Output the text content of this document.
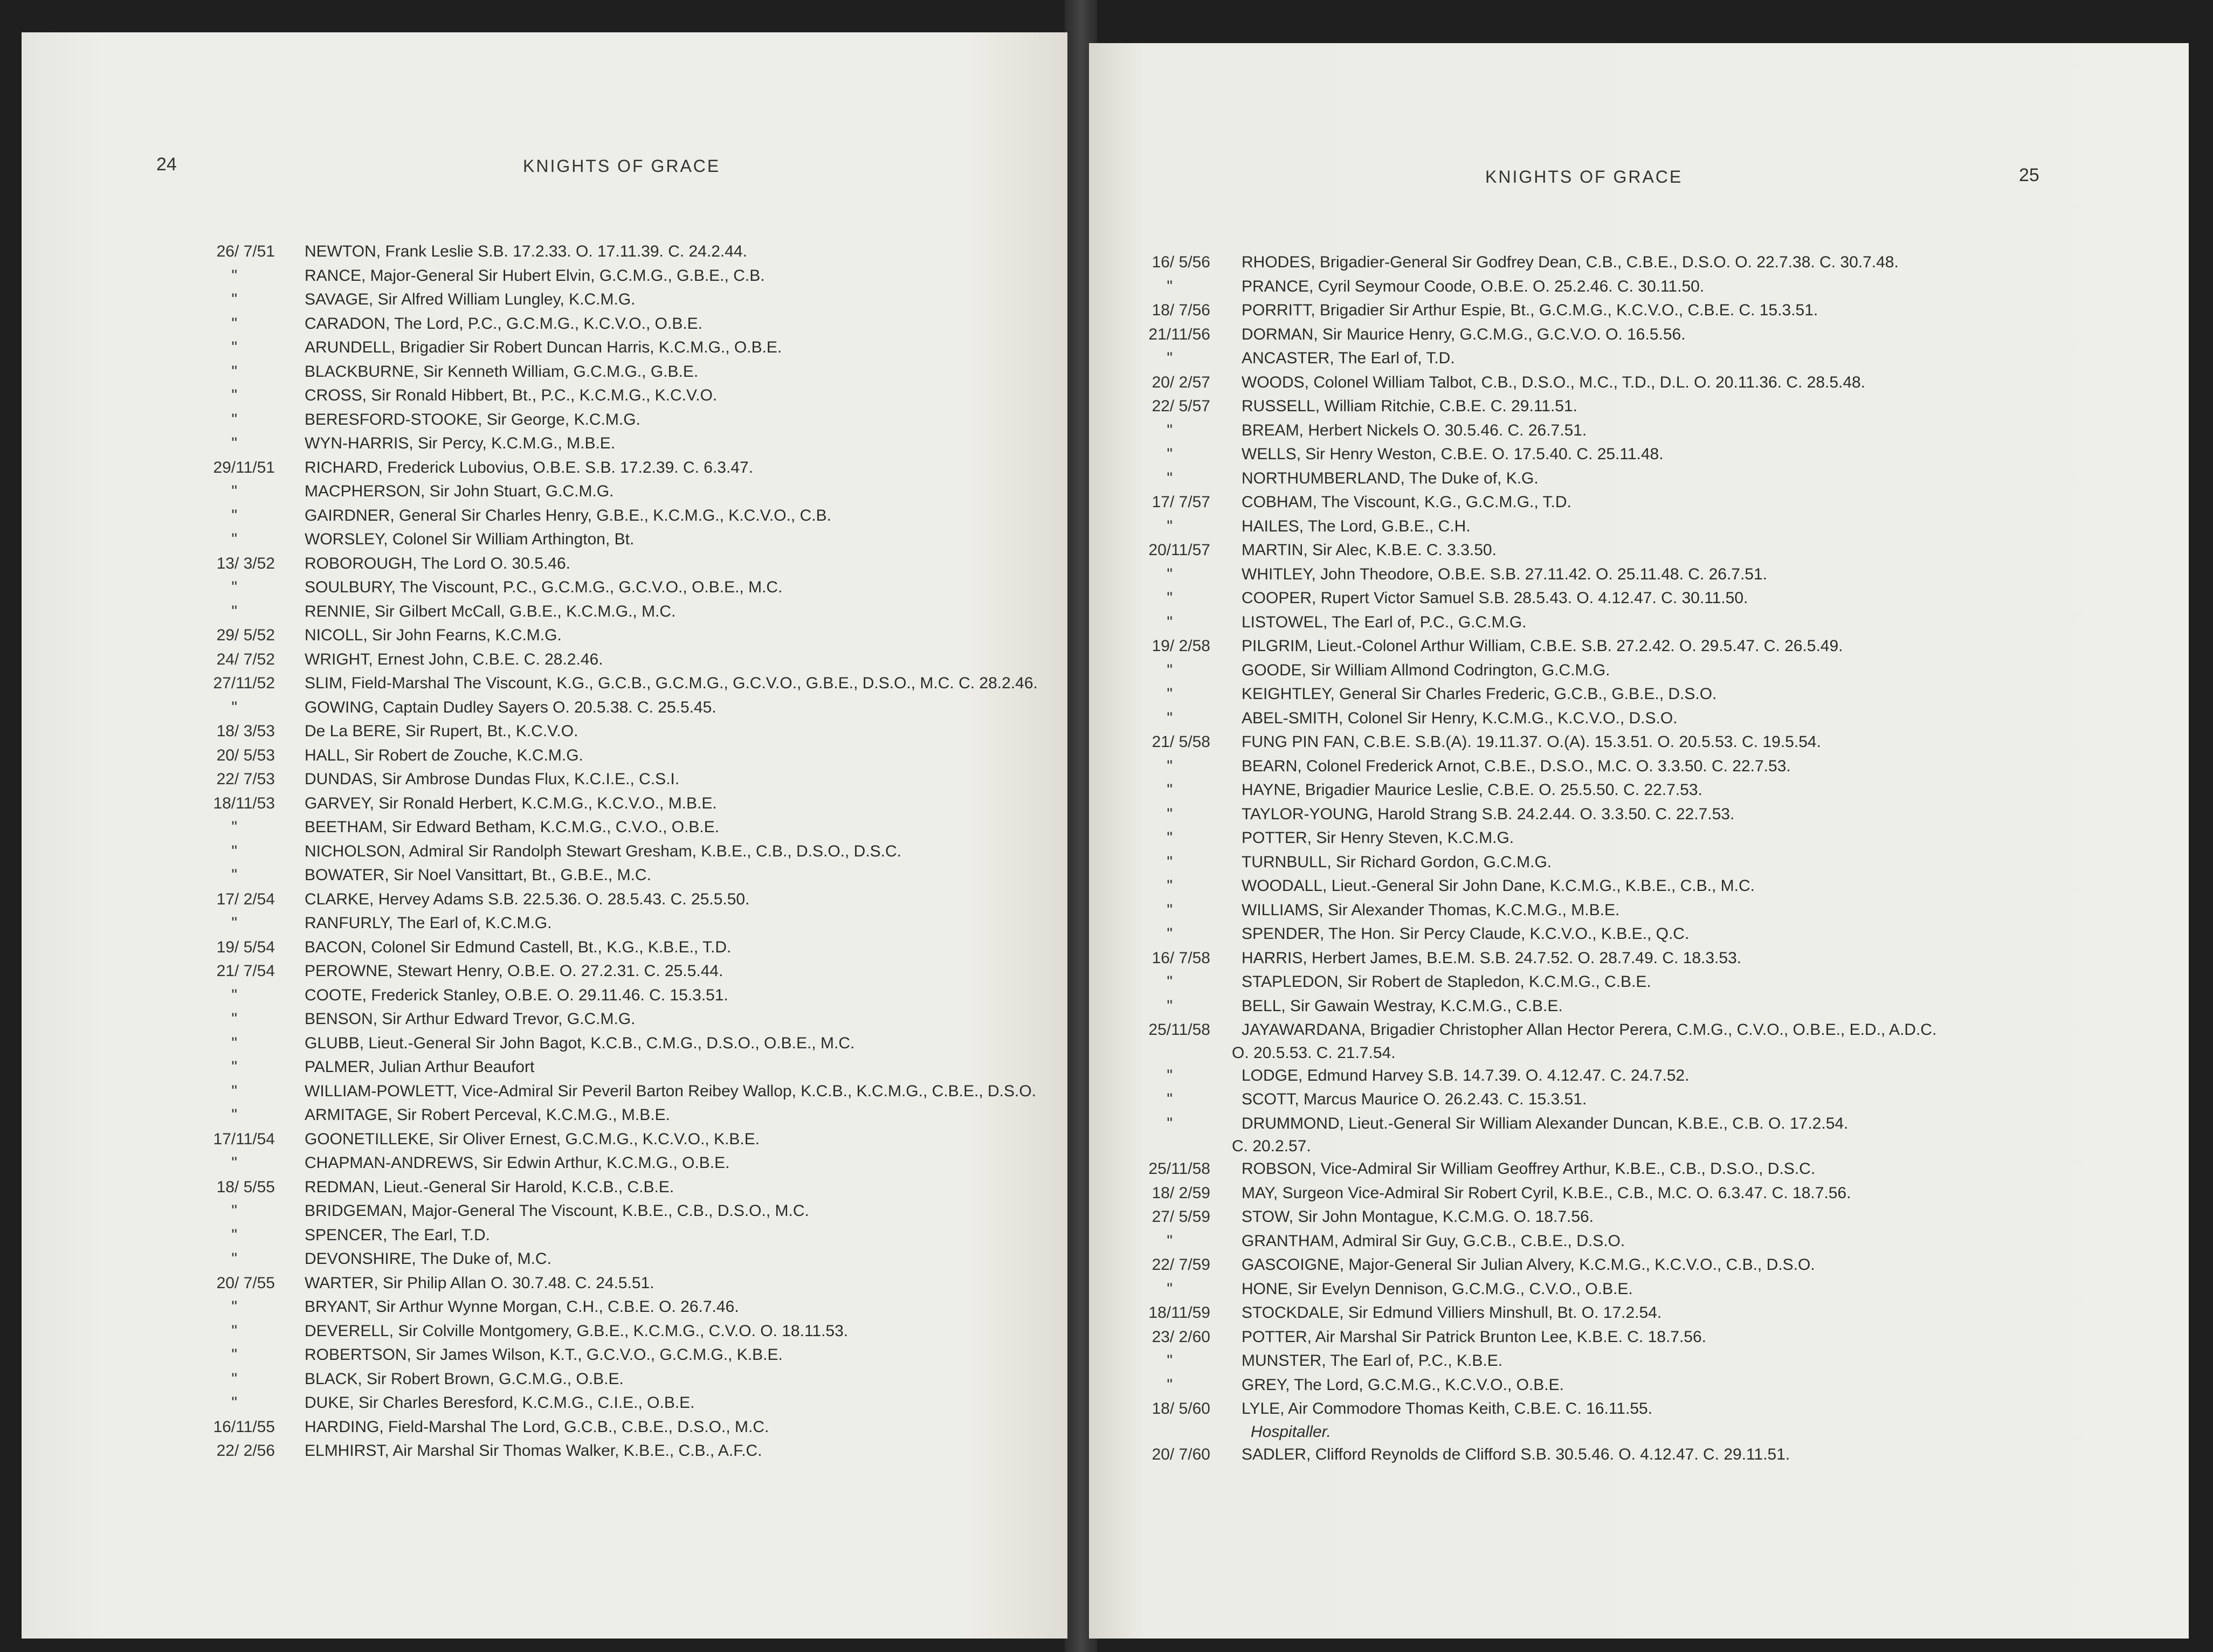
24	KNIGHTS OF GRACE
26/ 7/51 NEWTON, Frank Leslie S.B. 17.2.33. O. 17.11.39. C. 24.2.44.
"	RANCE, Major-General Sir Hubert Elvin, G.C.M.G., G.B.E., C.B.
"	SAVAGE, Sir Alfred William Lungley, K.C.M.G.
"	CARADON, The Lord, P.C., G.C.M.G., K.C.V.O., O.B.E.
"	ARUNDELL, Brigadier Sir Robert Duncan Harris, K.C.M.G., O.B.E.
"	BLACKBURNE, Sir Kenneth William, G.C.M.G., G.B.E.
"	CROSS, Sir Ronald Hibbert, Bt., P.C., K.C.M.G., K.C.V.O.
"	BERESFORD-STOOKE, Sir George, K.C.M.G.
"	WYN-HARRIS, Sir Percy, K.C.M.G., M.B.E.
29/11/51 RICHARD, Frederick Lubovius, O.B.E. S.B. 17.2.39. C. 6.3.47.
"	MACPHERSON, Sir John Stuart, G.C.M.G.
"	GAIRDNER, General Sir Charles Henry, G.B.E., K.C.M.G., K.C.V.O., C.B.
"	WORSLEY, Colonel Sir William Arthington, Bt.
13/ 3/52 ROBOROUGH, The Lord O. 30.5.46.
"	SOULBURY, The Viscount, P.C., G.C.M.G., G.C.V.O., O.B.E., M.C.
"	RENNIE, Sir Gilbert McCall, G.B.E., K.C.M.G., M.C.
29/ 5/52 NICOLL, Sir John Fearns, K.C.M.G.
24/ 7/52 WRIGHT, Ernest John, C.B.E. C. 28.2.46.
27/11/52 SLIM, Field-Marshal The Viscount, K.G., G.C.B., G.C.M.G., G.C.V.O., G.B.E., D.S.O., M.C. C. 28.2.46.
"	GOWING, Captain Dudley Sayers O. 20.5.38. C. 25.5.45.
18/ 3/53 De La BERE, Sir Rupert, Bt., K.C.V.O.
20/ 5/53 HALL, Sir Robert de Zouche, K.C.M.G.
22/ 7/53 DUNDAS, Sir Ambrose Dundas Flux, K.C.I.E., C.S.I.
18/11/53 GARVEY, Sir Ronald Herbert, K.C.M.G., K.C.V.O., M.B.E.
"	BEETHAM, Sir Edward Betham, K.C.M.G., C.V.O., O.B.E.
"	NICHOLSON, Admiral Sir Randolph Stewart Gresham, K.B.E., C.B., D.S.O., D.S.C.
"	BOWATER, Sir Noel Vansittart, Bt., G.B.E., M.C.
17/ 2/54 CLARKE, Hervey Adams S.B. 22.5.36. O. 28.5.43. C. 25.5.50.
"	RANFURLY, The Earl of, K.C.M.G.
19/ 5/54 BACON, Colonel Sir Edmund Castell, Bt., K.G., K.B.E., T.D.
21/ 7/54 PEROWNE, Stewart Henry, O.B.E. O. 27.2.31. C. 25.5.44.
"	COOTE, Frederick Stanley, O.B.E. O. 29.11.46. C. 15.3.51.
"	BENSON, Sir Arthur Edward Trevor, G.C.M.G.
"	GLUBB, Lieut.-General Sir John Bagot, K.C.B., C.M.G., D.S.O., O.B.E., M.C.
"	PALMER, Julian Arthur Beaufort
"	WILLIAM-POWLETT, Vice-Admiral Sir Peveril Barton Reibey Wallop, K.C.B., K.C.M.G., C.B.E., D.S.O.
"	ARMITAGE, Sir Robert Perceval, K.C.M.G., M.B.E.
17/11/54 GOONETILLEKE, Sir Oliver Ernest, G.C.M.G., K.C.V.O., K.B.E.
"	CHAPMAN-ANDREWS, Sir Edwin Arthur, K.C.M.G., O.B.E.
18/ 5/55 REDMAN, Lieut.-General Sir Harold, K.C.B., C.B.E.
"	BRIDGEMAN, Major-General The Viscount, K.B.E., C.B., D.S.O., M.C.
"	SPENCER, The Earl, T.D.
"	DEVONSHIRE, The Duke of, M.C.
20/ 7/55 WARTER, Sir Philip Allan O. 30.7.48. C. 24.5.51.
"	BRYANT, Sir Arthur Wynne Morgan, C.H., C.B.E. O. 26.7.46.
"	DEVERELL, Sir Colville Montgomery, G.B.E., K.C.M.G., C.V.O. O. 18.11.53.
"	ROBERTSON, Sir James Wilson, K.T., G.C.V.O., G.C.M.G., K.B.E.
"	BLACK, Sir Robert Brown, G.C.M.G., O.B.E.
"	DUKE, Sir Charles Beresford, K.C.M.G., C.I.E., O.B.E.
16/11/55 HARDING, Field-Marshal The Lord, G.C.B., C.B.E., D.S.O., M.C.
22/ 2/56 ELMHIRST, Air Marshal Sir Thomas Walker, K.B.E., C.B., A.F.C.
25
KNIGHTS OF GRACE
16/ 5/56 RHODES, Brigadier-General Sir Godfrey Dean, C.B., C.B.E., D.S.O. O. 22.7.38. C. 30.7.48.
"	PRANCE, Cyril Seymour Coode, O.B.E. O. 25.2.46. C. 30.11.50.
18/ 7/56 PORRITT, Brigadier Sir Arthur Espie, Bt., G.C.M.G., K.C.V.O., C.B.E. C. 15.3.51.
21/11/56 DORMAN, Sir Maurice Henry, G.C.M.G., G.C.V.O. O. 16.5.56.
"	ANCASTER, The Earl of, T.D.
20/ 2/57 WOODS, Colonel William Talbot, C.B., D.S.O., M.C., T.D., D.L. O. 20.11.36. C. 28.5.48.
22/ 5/57 RUSSELL, William Ritchie, C.B.E. C. 29.11.51.
"	BREAM, Herbert Nickels O. 30.5.46. C. 26.7.51.
"	WELLS, Sir Henry Weston, C.B.E. O. 17.5.40. C. 25.11.48.
"	NORTHUMBERLAND, The Duke of, K.G.
17/ 7/57 COBHAM, The Viscount, K.G., G.C.M.G., T.D.
"	HAILES, The Lord, G.B.E., C.H.
20/11/57 MARTIN, Sir Alec, K.B.E. C. 3.3.50.
"	WHITLEY, John Theodore, O.B.E. S.B. 27.11.42. O. 25.11.48. C. 26.7.51.
"	COOPER, Rupert Victor Samuel S.B. 28.5.43. O. 4.12.47. C. 30.11.50.
"	LISTOWEL, The Earl of, P.C., G.C.M.G.
19/ 2/58 PILGRIM, Lieut.-Colonel Arthur William, C.B.E. S.B. 27.2.42. O. 29.5.47. C. 26.5.49.
"	GOODE, Sir William Allmond Codrington, G.C.M.G.
"	KEIGHTLEY, General Sir Charles Frederic, G.C.B., G.B.E., D.S.O.
"	ABEL-SMITH, Colonel Sir Henry, K.C.M.G., K.C.V.O., D.S.O.
21/ 5/58 FUNG PIN FAN, C.B.E. S.B.(A). 19.11.37. O.(A). 15.3.51. O. 20.5.53. C. 19.5.54.
"	BEARN, Colonel Frederick Arnot, C.B.E., D.S.O., M.C. O. 3.3.50. C. 22.7.53.
"	HAYNE, Brigadier Maurice Leslie, C.B.E. O. 25.5.50. C. 22.7.53.
"	TAYLOR-YOUNG, Harold Strang S.B. 24.2.44. O. 3.3.50. C. 22.7.53.
"	POTTER, Sir Henry Steven, K.C.M.G.
"	TURNBULL, Sir Richard Gordon, G.C.M.G.
"	WOODALL, Lieut.-General Sir John Dane, K.C.M.G., K.B.E., C.B., M.C.
"	WILLIAMS, Sir Alexander Thomas, K.C.M.G., M.B.E.
"	SPENDER, The Hon. Sir Percy Claude, K.C.V.O., K.B.E., Q.C.
16/ 7/58 HARRIS, Herbert James, B.E.M. S.B. 24.7.52. O. 28.7.49. C. 18.3.53.
"	STAPLEDON, Sir Robert de Stapledon, K.C.M.G., C.B.E.
"	BELL, Sir Gawain Westray, K.C.M.G., C.B.E.
25/11/58 JAYAWARDANA, Brigadier Christopher Allan Hector Perera, C.M.G., C.V.O., O.B.E., E.D., A.D.C.
O. 20.5.53. C. 21.7.54.
"	LODGE, Edmund Harvey S.B. 14.7.39. O. 4.12.47. C. 24.7.52.
"	SCOTT, Marcus Maurice O. 26.2.43. C. 15.3.51.
"	DRUMMOND, Lieut.-General Sir William Alexander Duncan, K.B.E., C.B. O. 17.2.54.
C. 20.2.57.
25/11/58 ROBSON, Vice-Admiral Sir William Geoffrey Arthur, K.B.E., C.B., D.S.O., D.S.C.
18/ 2/59 MAY, Surgeon Vice-Admiral Sir Robert Cyril, K.B.E., C.B., M.C. O. 6.3.47. C. 18.7.56.
27/ 5/59 STOW, Sir John Montague, K.C.M.G. O. 18.7.56.
"	GRANTHAM, Admiral Sir Guy, G.C.B., C.B.E., D.S.O.
22/ 7/59 GASCOIGNE, Major-General Sir Julian Alvery, K.C.M.G., K.C.V.O., C.B., D.S.O.
"	HONE, Sir Evelyn Dennison, G.C.M.G., C.V.O., O.B.E.
18/11/59 STOCKDALE, Sir Edmund Villiers Minshull, Bt. O. 17.2.54.
23/ 2/60 POTTER, Air Marshal Sir Patrick Brunton Lee, K.B.E. C. 18.7.56.
"	MUNSTER, The Earl of, P.C., K.B.E.
"	GREY, The Lord, G.C.M.G., K.C.V.O., O.B.E.
18/ 5/60 LYLE, Air Commodore Thomas Keith, C.B.E. C. 16.11.55.
Hospitaller.
20/ 7/60 SADLER, Clifford Reynolds de Clifford S.B. 30.5.46. O. 4.12.47. C. 29.11.51.
